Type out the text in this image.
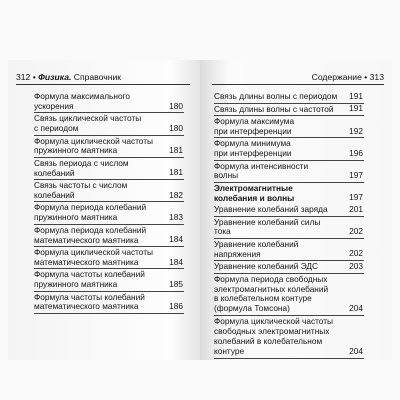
312 • Физика. Справочник
Формула максимального
ускорения	180
Связь циклической частоты
с периодом	180
Формула циклической частоты
пружинного маятника	181
Связь периода с числом
колебаний	181
Связь частоты с числом
колебаний	182
Формула периода колебаний
пружинного маятника	183
Формула периода колебаний
математического маятника	184
Формула циклической частоты
математического маятника	184
Формула частоты колебаний
пружинного маятника	185
Формула частоты колебаний
математического маятника	186
Содержание • 313
Связь длины волны с периодом	191
Связь длины волны с частотой	191
Формула максимума
при интерференции	192
Формула минимума
при интерференции	196
Формула интенсивности
волны	197
Электромагнитные
колебания и волны	197
Уравнение колебаний заряда	201
Уравнение колебаний силы
тока	202
Уравнение колебаний
напряжения	202
Уравнение колебаний ЭДС	203
Формула периода свободных
электромагнитных колебаний
в колебательном контуре
(формула Томсона)	204
Формула циклической частоты
свободных электромагнитных
колебаний в колебательном
контуре	204
